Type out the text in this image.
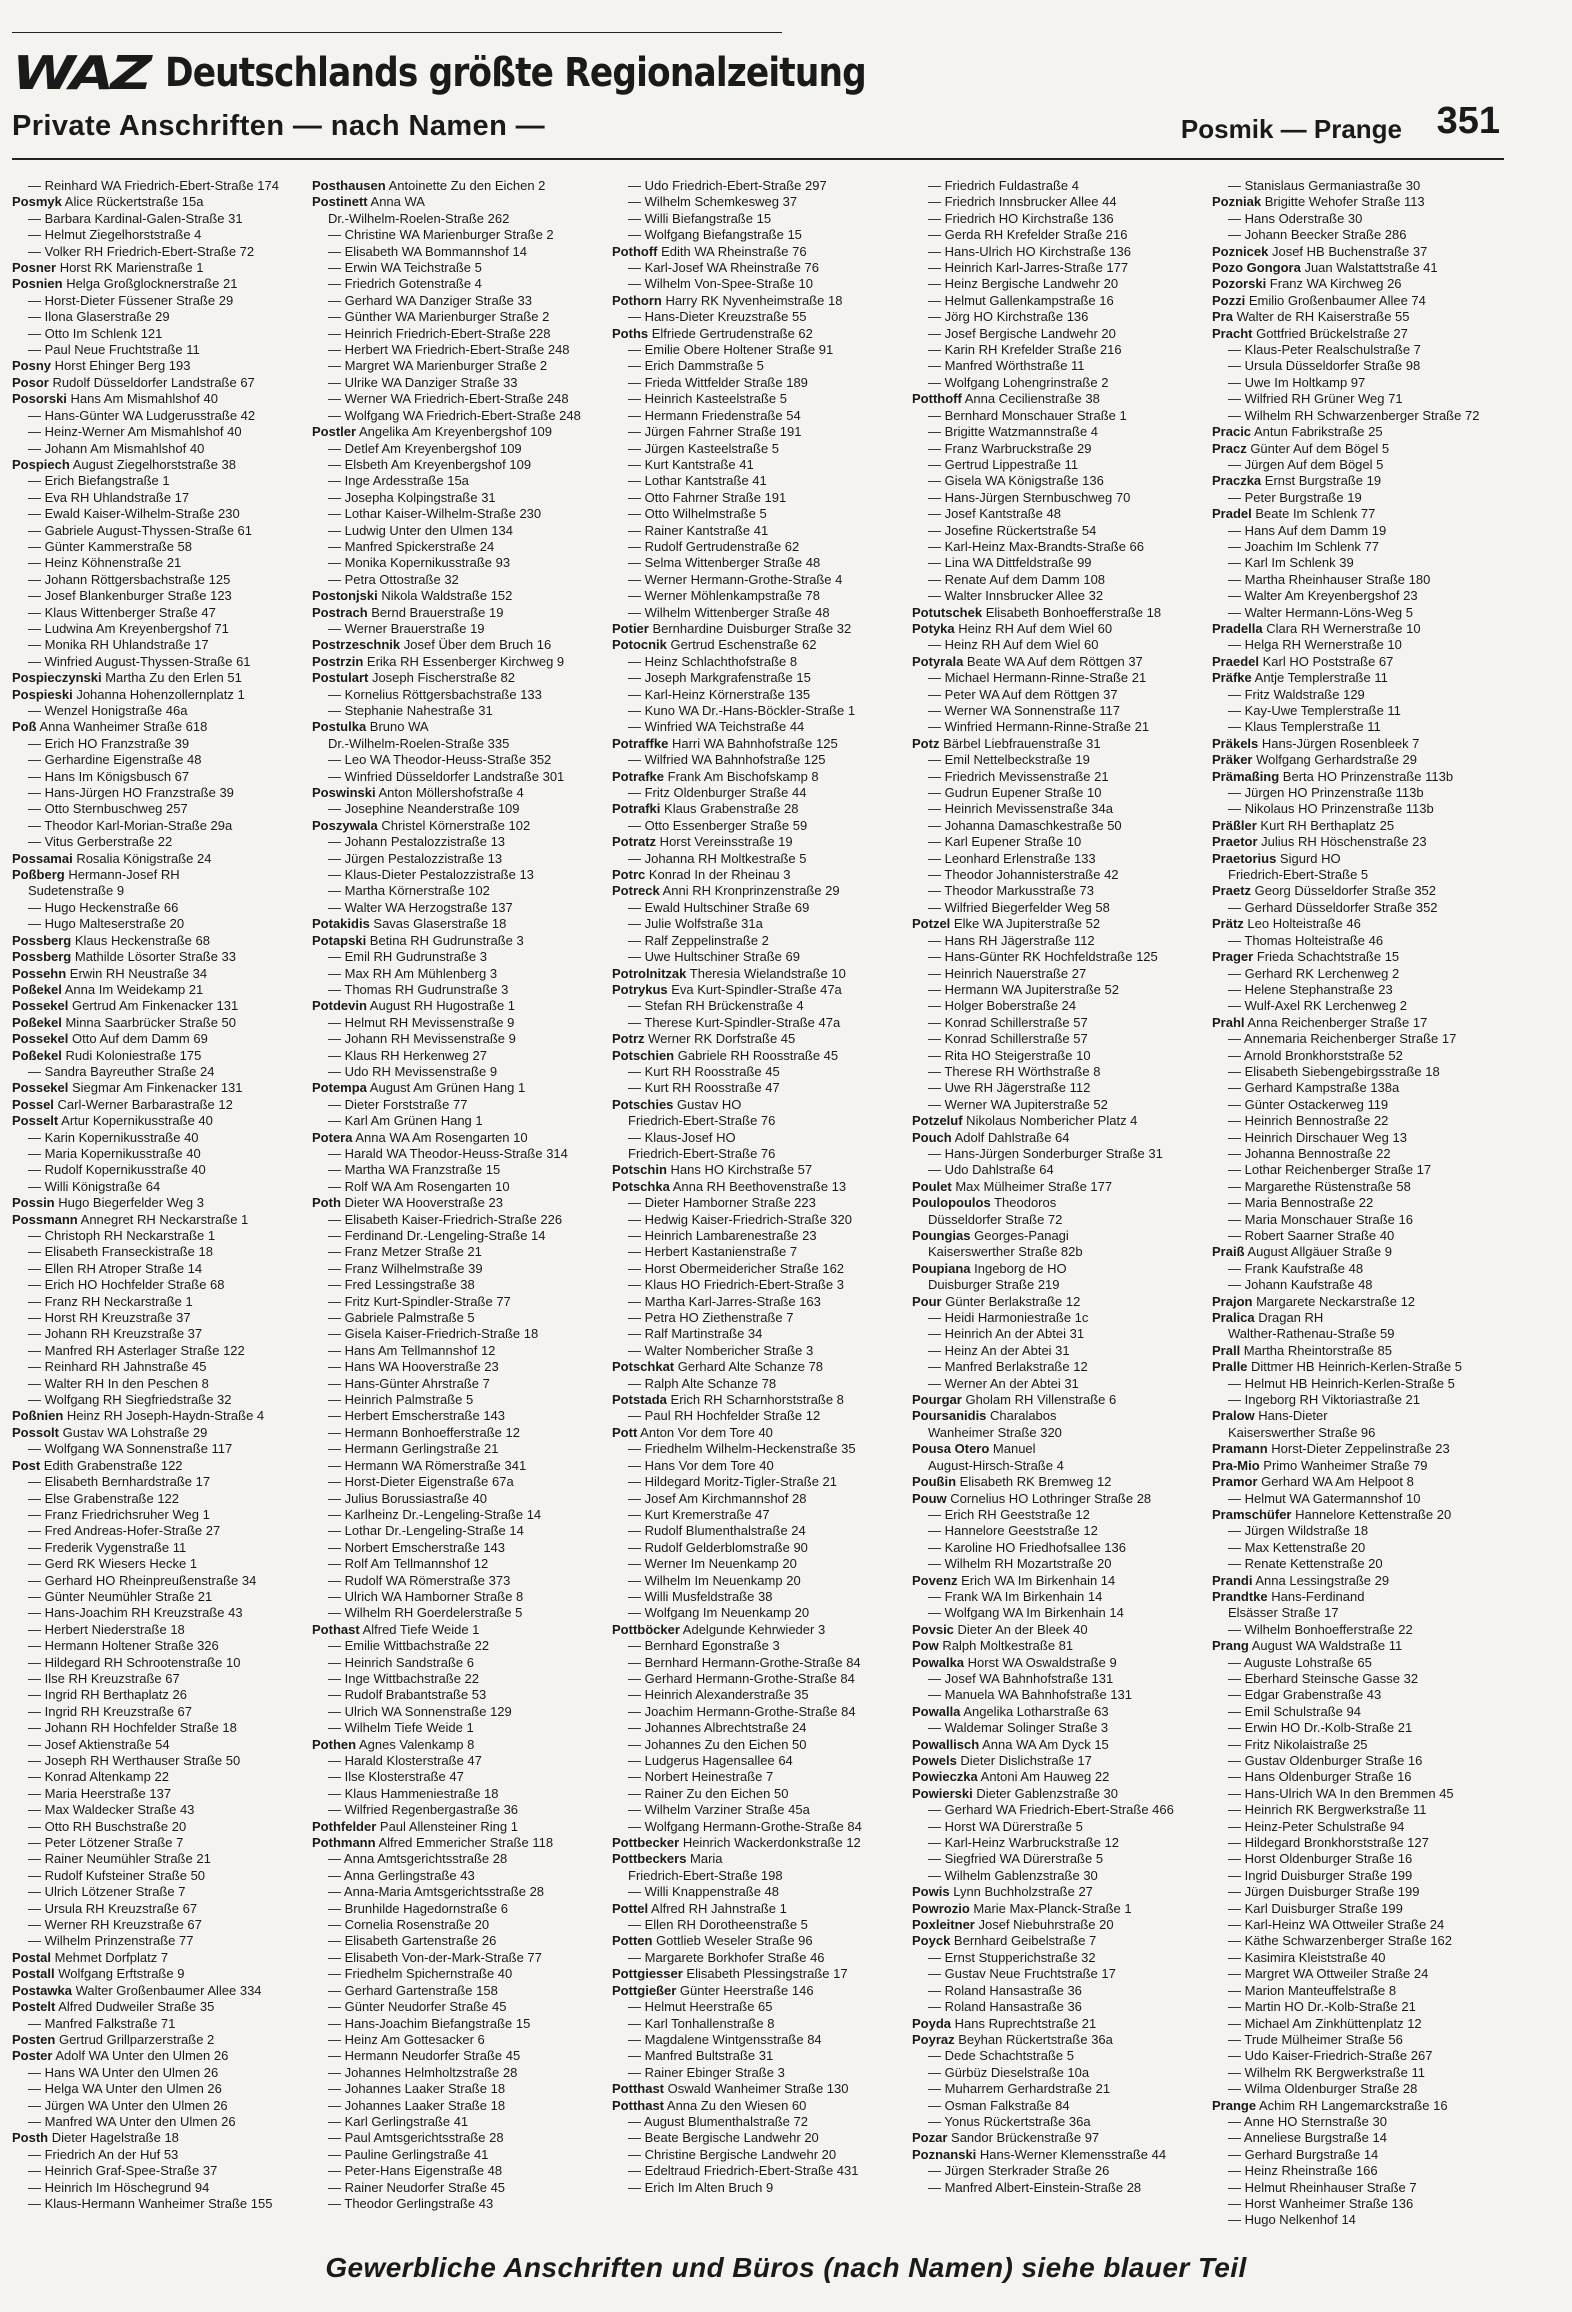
WAZ Deutschlands größte Regionalzeitung
Private Anschriften — nach Namen —	Posmik — Prange 351
— Reinhard WA Friedrich-Ebert-Straße 174
Posmyk Alice Rückertstraße 15a
— Barbara Kardinal-Galen-Straße 31
— Helmut Ziegelhorststraße 4
— Volker RH Friedrich-Ebert-Straße 72
Posner Horst RK Marienstraße 1
Posnien Helga Großglocknerstraße 21
— Horst-Dieter Füssener Straße 29
— Ilona Glaserstraße 29
— Otto Im Schlenk 121
— Paul Neue Fruchtstraße 11
Posny Horst Ehinger Berg 193
Posor Rudolf Düsseldorfer Landstraße 67
Posorski Hans Am Mismahlshof 40
— Hans-Günter WA Ludgerusstraße 42
— Heinz-Werner Am Mismahlshof 40
— Johann Am Mismahlshof 40
Pospiech August Ziegelhorststraße 38
— Erich Biefangstraße 1
— Eva RH Uhlandstraße 17
— Ewald Kaiser-Wilhelm-Straße 230
— Gabriele August-Thyssen-Straße 61
— Günter Kammerstraße 58
— Heinz Köhnenstraße 21
— Johann Röttgersbachstraße 125
— Josef Blankenburger Straße 123
— Klaus Wittenberger Straße 47
— Ludwina Am Kreyenbergshof 71
— Monika RH Uhlandstraße 17
— Winfried August-Thyssen-Straße 61
Pospieczynski Martha Zu den Erlen 51
Pospieski Johanna Hohenzollernplatz 1
— Wenzel Honigstraße 46a
Poß Anna Wanheimer Straße 618
— Erich HO Franzstraße 39
— Gerhardine Eigenstraße 48
— Hans Im Königsbusch 67
— Hans-Jürgen HO Franzstraße 39
— Otto Sternbuschweg 257
— Theodor Karl-Morian-Straße 29a
— Vitus Gerberstraße 22
Possamai Rosalia Königstraße 24
Poßberg Hermann-Josef RH
Sudetenstraße 9
— Hugo Heckenstraße 66
— Hugo Malteserstraße 20
Possberg Klaus Heckenstraße 68
Possberg Mathilde Lösorter Straße 33
Possehn Erwin RH Neustraße 34
Poßekel Anna Im Weidekamp 21
Possekel Gertrud Am Finkenacker 131
Poßekel Minna Saarbrücker Straße 50
Possekel Otto Auf dem Damm 69
Poßekel Rudi Koloniestraße 175
— Sandra Bayreuther Straße 24
Possekel Siegmar Am Finkenacker 131
Possel Carl-Werner Barbarastraße 12
Posselt Artur Kopernikusstraße 40
— Karin Kopernikusstraße 40
— Maria Kopernikusstraße 40
— Rudolf Kopernikusstraße 40
— Willi Königstraße 64
Possin Hugo Biegerfelder Weg 3
Possmann Annegret RH Neckarstraße 1
— Christoph RH Neckarstraße 1
— Elisabeth Franseckistraße 18
— Ellen RH Atroper Straße 14
— Erich HO Hochfelder Straße 68
— Franz RH Neckarstraße 1
— Horst RH Kreuzstraße 37
— Johann RH Kreuzstraße 37
— Manfred RH Asterlager Straße 122
— Reinhard RH Jahnstraße 45
— Walter RH In den Peschen 8
— Wolfgang RH Siegfriedstraße 32
Poßnien Heinz RH Joseph-Haydn-Straße 4
Possolt Gustav WA Lohstraße 29
— Wolfgang WA Sonnenstraße 117
Post Edith Grabenstraße 122
— Elisabeth Bernhardstraße 17
— Else Grabenstraße 122
— Franz Friedrichsruher Weg 1
— Fred Andreas-Hofer-Straße 27
— Frederik Vygenstraße 11
— Gerd RK Wiesers Hecke 1
— Gerhard HO Rheinpreußenstraße 34
— Günter Neumühler Straße 21
— Hans-Joachim RH Kreuzstraße 43
— Herbert Niederstraße 18
— Hermann Holtener Straße 326
— Hildegard RH Schrootenstraße 10
— Ilse RH Kreuzstraße 67
— Ingrid RH Berthaplatz 26
— Ingrid RH Kreuzstraße 67
— Johann RH Hochfelder Straße 18
— Josef Aktienstraße 54
— Joseph RH Werthauser Straße 50
— Konrad Altenkamp 22
— Maria Heerstraße 137
— Max Waldecker Straße 43
— Otto RH Buschstraße 20
— Peter Lötzener Straße 7
— Rainer Neumühler Straße 21
— Rudolf Kufsteiner Straße 50
— Ulrich Lötzener Straße 7
— Ursula RH Kreuzstraße 67
— Werner RH Kreuzstraße 67
— Wilhelm Prinzenstraße 77
Postal Mehmet Dorfplatz 7
Postall Wolfgang Erftstraße 9
Postawka Walter Großenbaumer Allee 334
Postelt Alfred Dudweiler Straße 35
— Manfred Falkstraße 71
Posten Gertrud Grillparzerstraße 2
Poster Adolf WA Unter den Ulmen 26
— Hans WA Unter den Ulmen 26
— Helga WA Unter den Ulmen 26
— Jürgen WA Unter den Ulmen 26
— Manfred WA Unter den Ulmen 26
Posth Dieter Hagelstraße 18
— Friedrich An der Huf 53
— Heinrich Graf-Spee-Straße 37
— Heinrich Im Höschegrund 94
— Klaus-Hermann Wanheimer Straße 155
Posthausen Antoinette Zu den Eichen 2
Postinett Anna WA
Dr.-Wilhelm-Roelen-Straße 262
— Christine WA Marienburger Straße 2
— Elisabeth WA Bommannshof 14
— Erwin WA Teichstraße 5
— Friedrich Gotenstraße 4
— Gerhard WA Danziger Straße 33
— Günther WA Marienburger Straße 2
— Heinrich Friedrich-Ebert-Straße 228
— Herbert WA Friedrich-Ebert-Straße 248
— Margret WA Marienburger Straße 2
— Ulrike WA Danziger Straße 33
— Werner WA Friedrich-Ebert-Straße 248
— Wolfgang WA Friedrich-Ebert-Straße 248
Postler Angelika Am Kreyenbergshof 109
— Detlef Am Kreyenbergshof 109
— Elsbeth Am Kreyenbergshof 109
— Inge Ardesstraße 15a
— Josepha Kolpingstraße 31
— Lothar Kaiser-Wilhelm-Straße 230
— Ludwig Unter den Ulmen 134
— Manfred Spickerstraße 24
— Monika Kopernikusstraße 93
— Petra Ottostraße 32
Postonjski Nikola Waldstraße 152
Postrach Bernd Brauerstraße 19
— Werner Brauerstraße 19
Postrzeschnik Josef Über dem Bruch 16
Postrzin Erika RH Essenberger Kirchweg 9
Postulart Joseph Fischerstraße 82
— Kornelius Röttgersbachstraße 133
— Stephanie Nahestraße 31
Postulka Bruno WA
Dr.-Wilhelm-Roelen-Straße 335
— Leo WA Theodor-Heuss-Straße 352
— Winfried Düsseldorfer Landstraße 301
Poswinski Anton Möllershofstraße 4
— Josephine Neanderstraße 109
Poszywala Christel Körnerstraße 102
— Johann Pestalozzistraße 13
— Jürgen Pestalozzistraße 13
— Klaus-Dieter Pestalozzistraße 13
— Martha Körnerstraße 102
— Walter WA Herzogstraße 137
Potakidis Savas Glaserstraße 18
Potapski Betina RH Gudrunstraße 3
— Emil RH Gudrunstraße 3
— Max RH Am Mühlenberg 3
— Thomas RH Gudrunstraße 3
Potdevin August RH Hugostraße 1
— Helmut RH Mevissenstraße 9
— Johann RH Mevissenstraße 9
— Klaus RH Herkenweg 27
— Udo RH Mevissenstraße 9
Potempa August Am Grünen Hang 1
— Dieter Forststraße 77
— Karl Am Grünen Hang 1
Potera Anna WA Am Rosengarten 10
— Harald WA Theodor-Heuss-Straße 314
— Martha WA Franzstraße 15
— Rolf WA Am Rosengarten 10
Poth Dieter WA Hooverstraße 23
— Elisabeth Kaiser-Friedrich-Straße 226
— Ferdinand Dr.-Lengeling-Straße 14
— Franz Metzer Straße 21
— Franz Wilhelmstraße 39
— Fred Lessingstraße 38
— Fritz Kurt-Spindler-Straße 77
— Gabriele Palmstraße 5
— Gisela Kaiser-Friedrich-Straße 18
— Hans Am Tellmannshof 12
— Hans WA Hooverstraße 23
— Hans-Günter Ahrstraße 7
— Heinrich Palmstraße 5
— Herbert Emscherstraße 143
— Hermann Bonhoefferstraße 12
— Hermann Gerlingstraße 21
— Hermann WA Römerstraße 341
— Horst-Dieter Eigenstraße 67a
— Julius Borussiastraße 40
— Karlheinz Dr.-Lengeling-Straße 14
— Lothar Dr.-Lengeling-Straße 14
— Norbert Emscherstraße 143
— Rolf Am Tellmannshof 12
— Rudolf WA Römerstraße 373
— Ulrich WA Hamborner Straße 8
— Wilhelm RH Goerdelerstraße 5
Pothast Alfred Tiefe Weide 1
— Emilie Wittbachstraße 22
— Heinrich Sandstraße 6
— Inge Wittbachstraße 22
— Rudolf Brabantstraße 53
— Ulrich WA Sonnenstraße 129
— Wilhelm Tiefe Weide 1
Pothen Agnes Valenkamp 8
— Harald Klosterstraße 47
— Ilse Klosterstraße 47
— Klaus Hammeniestraße 18
— Wilfried Regenbergastraße 36
Pothfelder Paul Allensteiner Ring 1
Pothmann Alfred Emmericher Straße 118
— Anna Amtsgerichtsstraße 28
— Anna Gerlingstraße 43
— Anna-Maria Amtsgerichtsstraße 28
— Brunhilde Hagedornstraße 6
— Cornelia Rosenstraße 20
— Elisabeth Gartenstraße 26
— Elisabeth Von-der-Mark-Straße 77
— Friedhelm Spichernstraße 40
— Gerhard Gartenstraße 158
— Günter Neudorfer Straße 45
— Hans-Joachim Biefangstraße 15
— Heinz Am Gottesacker 6
— Hermann Neudorfer Straße 45
— Johannes Helmholtzstraße 28
— Johannes Laaker Straße 18
— Johannes Laaker Straße 18
— Karl Gerlingstraße 41
— Paul Amtsgerichtsstraße 28
— Pauline Gerlingstraße 41
— Peter-Hans Eigenstraße 48
— Rainer Neudorfer Straße 45
— Theodor Gerlingstraße 43
— Udo Friedrich-Ebert-Straße 297
— Wilhelm Schemkesweg 37
— Willi Biefangstraße 15
— Wolfgang Biefangstraße 15
Pothoff Edith WA Rheinstraße 76
— Karl-Josef WA Rheinstraße 76
— Wilhelm Von-Spee-Straße 10
Pothorn Harry RK Nyvenheimstraße 18
— Hans-Dieter Kreuzstraße 55
Poths Elfriede Gertrudenstraße 62
— Emilie Obere Holtener Straße 91
— Erich Dammstraße 5
— Frieda Wittfelder Straße 189
— Heinrich Kasteelstraße 5
— Hermann Friedenstraße 54
— Jürgen Fahrner Straße 191
— Jürgen Kasteelstraße 5
— Kurt Kantstraße 41
— Lothar Kantstraße 41
— Otto Fahrner Straße 191
— Otto Wilhelmstraße 5
— Rainer Kantstraße 41
— Rudolf Gertrudenstraße 62
— Selma Wittenberger Straße 48
— Werner Hermann-Grothe-Straße 4
— Werner Möhlenkampstraße 78
— Wilhelm Wittenberger Straße 48
Potier Bernhardine Duisburger Straße 32
Potocnik Gertrud Eschenstraße 62
— Heinz Schlachthofstraße 8
— Joseph Markgrafenstraße 15
— Karl-Heinz Körnerstraße 135
— Kuno WA Dr.-Hans-Böckler-Straße 1
— Winfried WA Teichstraße 44
Potraffke Harri WA Bahnhofstraße 125
— Wilfried WA Bahnhofstraße 125
Potrafke Frank Am Bischofskamp 8
— Fritz Oldenburger Straße 44
Potrafki Klaus Grabenstraße 28
— Otto Essenberger Straße 59
Potratz Horst Vereinsstraße 19
— Johanna RH Moltkestraße 5
Potrc Konrad In der Rheinau 3
Potreck Anni RH Kronprinzenstraße 29
— Ewald Hultschiner Straße 69
— Julie Wolfstraße 31a
— Ralf Zeppelinstraße 2
— Uwe Hultschiner Straße 69
Potrolnitzak Theresia Wielandstraße 10
Potrykus Eva Kurt-Spindler-Straße 47a
— Stefan RH Brückenstraße 4
— Therese Kurt-Spindler-Straße 47a
Potrz Werner RK Dorfstraße 45
Potschien Gabriele RH Roosstraße 45
— Kurt RH Roosstraße 45
— Kurt RH Roosstraße 47
Potschies Gustav HO
Friedrich-Ebert-Straße 76
— Klaus-Josef HO
Friedrich-Ebert-Straße 76
Potschin Hans HO Kirchstraße 57
Potschka Anna RH Beethovenstraße 13
— Dieter Hamborner Straße 223
— Hedwig Kaiser-Friedrich-Straße 320
— Heinrich Lambarenestraße 23
— Herbert Kastanienstraße 7
— Horst Obermeidericher Straße 162
— Klaus HO Friedrich-Ebert-Straße 3
— Martha Karl-Jarres-Straße 163
— Petra HO Ziethenstraße 7
— Ralf Martinstraße 34
— Walter Nombericher Straße 3
Potschkat Gerhard Alte Schanze 78
— Ralph Alte Schanze 78
Potstada Erich RH Scharnhorststraße 8
— Paul RH Hochfelder Straße 12
Pott Anton Vor dem Tore 40
— Friedhelm Wilhelm-Heckenstraße 35
— Hans Vor dem Tore 40
— Hildegard Moritz-Tigler-Straße 21
— Josef Am Kirchmannshof 28
— Kurt Kremerstraße 47
— Rudolf Blumenthalstraße 24
— Rudolf Gelderblomstraße 90
— Werner Im Neuenkamp 20
— Wilhelm Im Neuenkamp 20
— Willi Musfeldstraße 38
— Wolfgang Im Neuenkamp 20
Pottböcker Adelgunde Kehrwieder 3
— Bernhard Egonstraße 3
— Bernhard Hermann-Grothe-Straße 84
— Gerhard Hermann-Grothe-Straße 84
— Heinrich Alexanderstraße 35
— Joachim Hermann-Grothe-Straße 84
— Johannes Albrechtstraße 24
— Johannes Zu den Eichen 50
— Ludgerus Hagensallee 64
— Norbert Heinestraße 7
— Rainer Zu den Eichen 50
— Wilhelm Varziner Straße 45a
— Wolfgang Hermann-Grothe-Straße 84
Pottbecker Heinrich Wackerdonkstraße 12
Pottbeckers Maria
Friedrich-Ebert-Straße 198
— Willi Knappenstraße 48
Pottel Alfred RH Jahnstraße 1
— Ellen RH Dorotheenstraße 5
Potten Gottlieb Weseler Straße 96
— Margarete Borkhofer Straße 46
Pottgiesser Elisabeth Plessingstraße 17
Pottgießer Günter Heerstraße 146
— Helmut Heerstraße 65
— Karl Tonhallenstraße 8
— Magdalene Wintgensstraße 84
— Manfred Bultstraße 31
— Rainer Ebinger Straße 3
Potthast Oswald Wanheimer Straße 130
Potthast Anna Zu den Wiesen 60
— August Blumenthalstraße 72
— Beate Bergische Landwehr 20
— Christine Bergische Landwehr 20
— Edeltraud Friedrich-Ebert-Straße 431
— Erich Im Alten Bruch 9
— Friedrich Fuldastraße 4
— Friedrich Innsbrucker Allee 44
— Friedrich HO Kirchstraße 136
— Gerda RH Krefelder Straße 216
— Hans-Ulrich HO Kirchstraße 136
— Heinrich Karl-Jarres-Straße 177
— Heinz Bergische Landwehr 20
— Helmut Gallenkampstraße 16
— Jörg HO Kirchstraße 136
— Josef Bergische Landwehr 20
— Karin RH Krefelder Straße 216
— Manfred Wörthstraße 11
— Wolfgang Lohengrinstraße 2
Potthoff Anna Cecilienstraße 38
— Bernhard Monschauer Straße 1
— Brigitte Watzmannstraße 4
— Franz Warbruckstraße 29
— Gertrud Lippestraße 11
— Gisela WA Königstraße 136
— Hans-Jürgen Sternbuschweg 70
— Josef Kantstraße 48
— Josefine Rückertstraße 54
— Karl-Heinz Max-Brandts-Straße 66
— Lina WA Dittfeldstraße 99
— Renate Auf dem Damm 108
— Walter Innsbrucker Allee 32
Potutschek Elisabeth Bonhoefferstraße 18
Potyka Heinz RH Auf dem Wiel 60
— Heinz RH Auf dem Wiel 60
Potyrala Beate WA Auf dem Röttgen 37
— Michael Hermann-Rinne-Straße 21
— Peter WA Auf dem Röttgen 37
— Werner WA Sonnenstraße 117
— Winfried Hermann-Rinne-Straße 21
Potz Bärbel Liebfrauenstraße 31
— Emil Nettelbeckstraße 19
— Friedrich Mevissenstraße 21
— Gudrun Eupener Straße 10
— Heinrich Mevissenstraße 34a
— Johanna Damaschkestraße 50
— Karl Eupener Straße 10
— Leonhard Erlenstraße 133
— Theodor Johannisterstraße 42
— Theodor Markusstraße 73
— Wilfried Biegerfelder Weg 58
Potzel Elke WA Jupiterstraße 52
— Hans RH Jägerstraße 112
— Hans-Günter RK Hochfeldstraße 125
— Heinrich Nauerstraße 27
— Hermann WA Jupiterstraße 52
— Holger Boberstraße 24
— Konrad Schillerstraße 57
— Konrad Schillerstraße 57
— Rita HO Steigerstraße 10
— Therese RH Wörthstraße 8
— Uwe RH Jägerstraße 112
— Werner WA Jupiterstraße 52
Potzeluf Nikolaus Nombericher Platz 4
Pouch Adolf Dahlstraße 64
— Hans-Jürgen Sonderburger Straße 31
— Udo Dahlstraße 64
Poulet Max Mülheimer Straße 177
Poulopoulos Theodoros
Düsseldorfer Straße 72
Poungias Georges-Panagi
Kaiserswerther Straße 82b
Poupiana Ingeborg de HO
Duisburger Straße 219
Pour Günter Berlakstraße 12
— Heidi Harmoniestraße 1c
— Heinrich An der Abtei 31
— Heinz An der Abtei 31
— Manfred Berlakstraße 12
— Werner An der Abtei 31
Pourgar Gholam RH Villenstraße 6
Poursanidis Charalabos
Wanheimer Straße 320
Pousa Otero Manuel
August-Hirsch-Straße 4
Poußin Elisabeth RK Bremweg 12
Pouw Cornelius HO Lothringer Straße 28
— Erich RH Geeststraße 12
— Hannelore Geeststraße 12
— Karoline HO Friedhofsallee 136
— Wilhelm RH Mozartstraße 20
Povenz Erich WA Im Birkenhain 14
— Frank WA Im Birkenhain 14
— Wolfgang WA Im Birkenhain 14
Povsic Dieter An der Bleek 40
Pow Ralph Moltkestraße 81
Powalka Horst WA Oswaldstraße 9
— Josef WA Bahnhofstraße 131
— Manuela WA Bahnhofstraße 131
Powalla Angelika Lotharstraße 63
— Waldemar Solinger Straße 3
Powallisch Anna WA Am Dyck 15
Powels Dieter Dislichstraße 17
Powieczka Antoni Am Hauweg 22
Powierski Dieter Gablenzstraße 30
— Gerhard WA Friedrich-Ebert-Straße 466
— Horst WA Dürerstraße 5
— Karl-Heinz Warbruckstraße 12
— Siegfried WA Dürerstraße 5
— Wilhelm Gablenzstraße 30
Powis Lynn Buchholzstraße 27
Powrozio Marie Max-Planck-Straße 1
Poxleitner Josef Niebuhrstraße 20
Poyck Bernhard Geibelstraße 7
— Ernst Stupperichstraße 32
— Gustav Neue Fruchtstraße 17
— Roland Hansastraße 36
— Roland Hansastraße 36
Poyda Hans Ruprechtstraße 21
Poyraz Beyhan Rückertstraße 36a
— Dede Schachtstraße 5
— Gürbüz Dieselstraße 10a
— Muharrem Gerhardstraße 21
— Osman Falkstraße 84
— Yonus Rückertstraße 36a
Pozar Sandor Brückenstraße 97
Poznanski Hans-Werner Klemensstraße 44
— Jürgen Sterkrader Straße 26
— Manfred Albert-Einstein-Straße 28
— Stanislaus Germaniastraße 30
Pozniak Brigitte Wehofer Straße 113
— Hans Oderstraße 30
— Johann Beecker Straße 286
Poznicek Josef HB Buchenstraße 37
Pozo Gongora Juan Walstattstraße 41
Pozorski Franz WA Kirchweg 26
Pozzi Emilio Großenbaumer Allee 74
Pra Walter de RH Kaiserstraße 55
Pracht Gottfried Brückelstraße 27
— Klaus-Peter Realschulstraße 7
— Ursula Düsseldorfer Straße 98
— Uwe Im Holtkamp 97
— Wilfried RH Grüner Weg 71
— Wilhelm RH Schwarzenberger Straße 72
Pracic Antun Fabrikstraße 25
Pracz Günter Auf dem Bögel 5
— Jürgen Auf dem Bögel 5
Praczka Ernst Burgstraße 19
— Peter Burgstraße 19
Pradel Beate Im Schlenk 77
— Hans Auf dem Damm 19
— Joachim Im Schlenk 77
— Karl Im Schlenk 39
— Martha Rheinhauser Straße 180
— Walter Am Kreyenbergshof 23
— Walter Hermann-Löns-Weg 5
Pradella Clara RH Wernerstraße 10
— Helga RH Wernerstraße 10
Praedel Karl HO Poststraße 67
Präfke Antje Templerstraße 11
— Fritz Waldstraße 129
— Kay-Uwe Templerstraße 11
— Klaus Templerstraße 11
Präkels Hans-Jürgen Rosenbleek 7
Präker Wolfgang Gerhardstraße 29
Prämaßing Berta HO Prinzenstraße 113b
— Jürgen HO Prinzenstraße 113b
— Nikolaus HO Prinzenstraße 113b
Präßler Kurt RH Berthaplatz 25
Praetor Julius RH Höschenstraße 23
Praetorius Sigurd HO
Friedrich-Ebert-Straße 5
Praetz Georg Düsseldorfer Straße 352
— Gerhard Düsseldorfer Straße 352
Prätz Leo Holteistraße 46
— Thomas Holteistraße 46
Prager Frieda Schachtstraße 15
— Gerhard RK Lerchenweg 2
— Helene Stephanstraße 23
— Wulf-Axel RK Lerchenweg 2
Prahl Anna Reichenberger Straße 17
— Annemaria Reichenberger Straße 17
— Arnold Bronkhorststraße 52
— Elisabeth Siebengebirgsstraße 18
— Gerhard Kampstraße 138a
— Günter Ostackerweg 119
— Heinrich Bennostraße 22
— Heinrich Dirschauer Weg 13
— Johanna Bennostraße 22
— Lothar Reichenberger Straße 17
— Margarethe Rüstenstraße 58
— Maria Bennostraße 22
— Maria Monschauer Straße 16
— Robert Saarner Straße 40
Praiß August Allgäuer Straße 9
— Frank Kaufstraße 48
— Johann Kaufstraße 48
Prajon Margarete Neckarstraße 12
Pralica Dragan RH
Walther-Rathenau-Straße 59
Prall Martha Rheintorstraße 85
Pralle Dittmer HB Heinrich-Kerlen-Straße 5
— Helmut HB Heinrich-Kerlen-Straße 5
— Ingeborg RH Viktoriastraße 21
Pralow Hans-Dieter
Kaiserswerther Straße 96
Pramann Horst-Dieter Zeppelinstraße 23
Pra-Mio Primo Wanheimer Straße 79
Pramor Gerhard WA Am Helpoot 8
— Helmut WA Gatermannshof 10
Pramschüfer Hannelore Kettenstraße 20
— Jürgen Wildstraße 18
— Max Kettenstraße 20
— Renate Kettenstraße 20
Prandi Anna Lessingstraße 29
Prandtke Hans-Ferdinand
Elsässer Straße 17
— Wilhelm Bonhoefferstraße 22
Prang August WA Waldstraße 11
— Auguste Lohstraße 65
— Eberhard Steinsche Gasse 32
— Edgar Grabenstraße 43
— Emil Schulstraße 94
— Erwin HO Dr.-Kolb-Straße 21
— Fritz Nikolaistraße 25
— Gustav Oldenburger Straße 16
— Hans Oldenburger Straße 16
— Hans-Ulrich WA In den Bremmen 45
— Heinrich RK Bergwerkstraße 11
— Heinz-Peter Schulstraße 94
— Hildegard Bronkhorststraße 127
— Horst Oldenburger Straße 16
— Ingrid Duisburger Straße 199
— Jürgen Duisburger Straße 199
— Karl Duisburger Straße 199
— Karl-Heinz WA Ottweiler Straße 24
— Käthe Schwarzenberger Straße 162
— Kasimira Kleiststraße 40
— Margret WA Ottweiler Straße 24
— Marion Manteuffelstraße 8
— Martin HO Dr.-Kolb-Straße 21
— Michael Am Zinkhüttenplatz 12
— Trude Mülheimer Straße 56
— Udo Kaiser-Friedrich-Straße 267
— Wilhelm RK Bergwerkstraße 11
— Wilma Oldenburger Straße 28
Prange Achim RH Langemarckstraße 16
— Anne HO Sternstraße 30
— Anneliese Burgstraße 14
— Gerhard Burgstraße 14
— Heinz Rheinstraße 166
— Helmut Rheinhauser Straße 7
— Horst Wanheimer Straße 136
— Hugo Nelkenhof 14
Gewerbliche Anschriften und Büros (nach Namen) siehe blauer Teil
